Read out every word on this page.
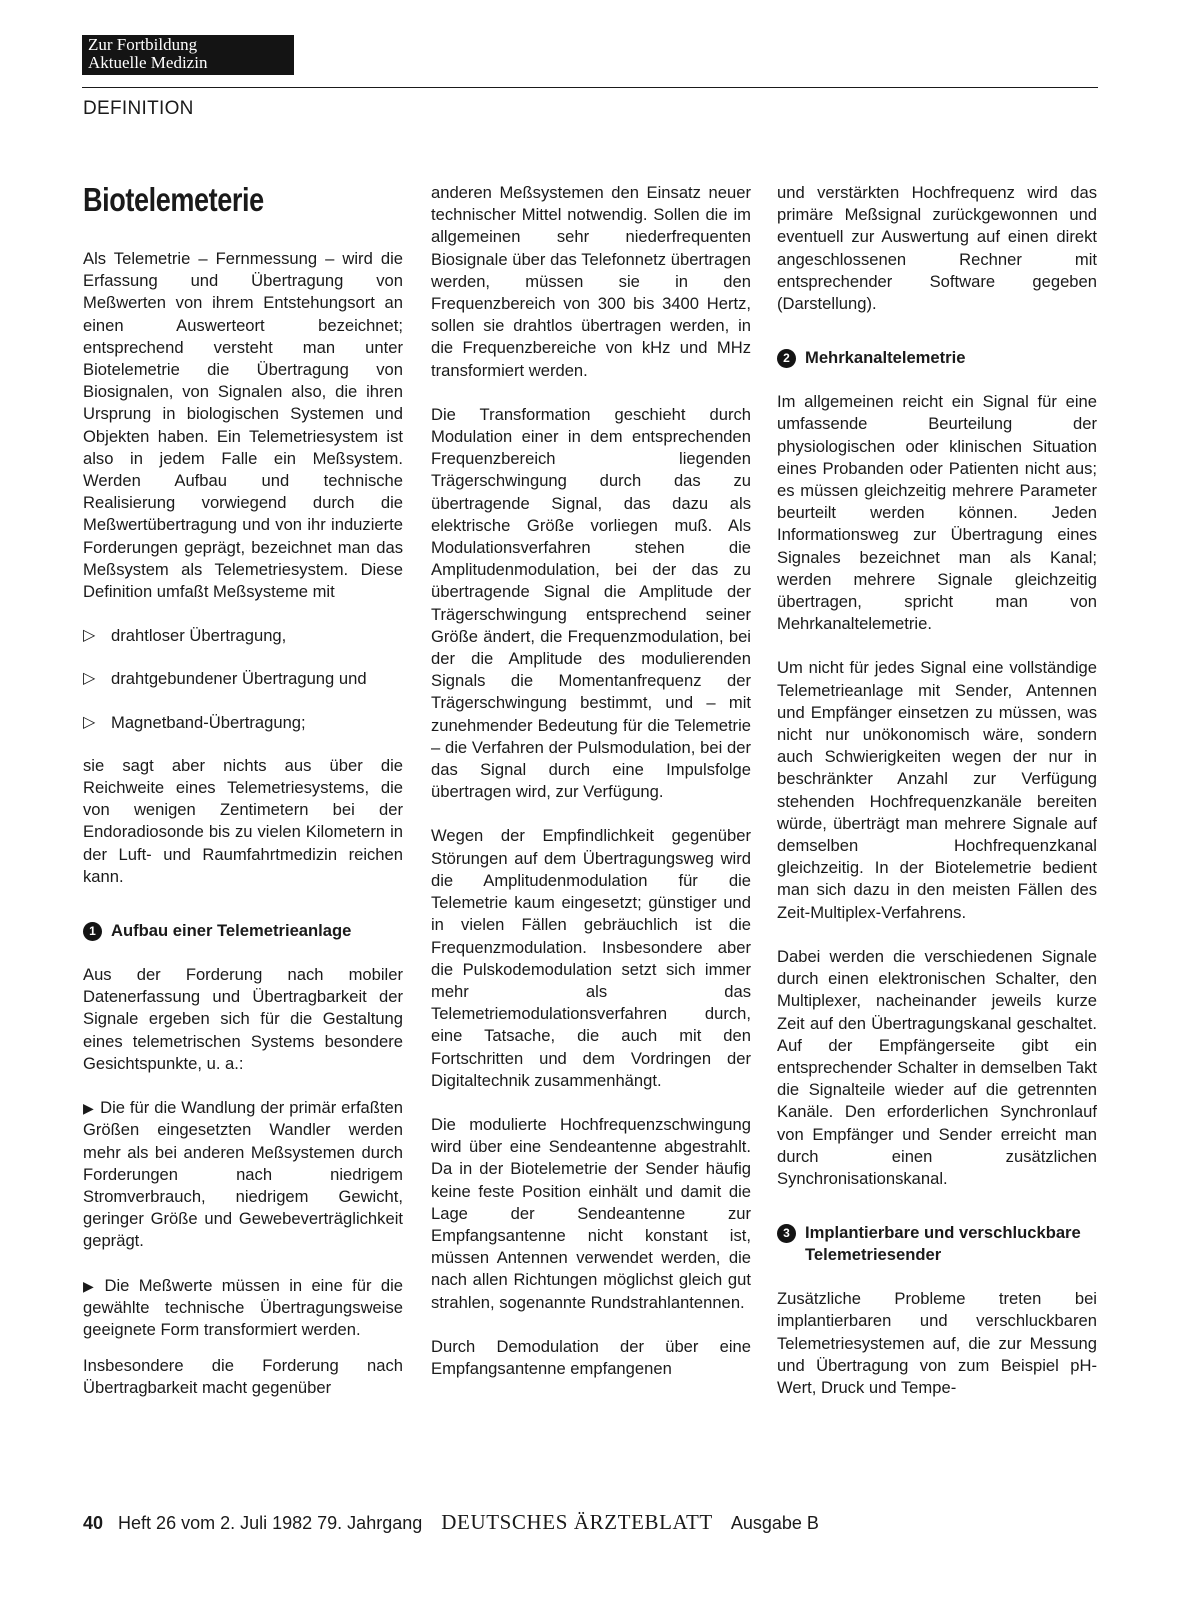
Zur Fortbildung
Aktuelle Medizin
DEFINITION
Biotelemeterie

Als Telemetrie – Fernmessung – wird die Erfassung und Übertragung von Meßwerten von ihrem Entstehungsort an einen Auswerteort bezeichnet; entsprechend versteht man unter Biotelemetrie die Übertragung von Biosignalen, von Signalen also, die ihren Ursprung in biologischen Systemen und Objekten haben. Ein Telemetriesystem ist also in jedem Falle ein Meßsystem. Werden Aufbau und technische Realisierung vorwiegend durch die Meßwertübertragung und von ihr induzierte Forderungen geprägt, bezeichnet man das Meßsystem als Telemetriesystem. Diese Definition umfaßt Meßsysteme mit

▷ drahtloser Übertragung,
▷ drahtgebundener Übertragung und
▷ Magnetband-Übertragung;

sie sagt aber nichts aus über die Reichweite eines Telemetriesystems, die von wenigen Zentimetern bei der Endoradiosonde bis zu vielen Kilometern in der Luft- und Raumfahrtmedizin reichen kann.

1 Aufbau einer Telemetrieanlage

Aus der Forderung nach mobiler Datenerfassung und Übertragbarkeit der Signale ergeben sich für die Gestaltung eines telemetrischen Systems besondere Gesichtspunkte, u. a.:

▶ Die für die Wandlung der primär erfaßten Größen eingesetzten Wandler werden mehr als bei anderen Meßsystemen durch Forderungen nach niedrigem Stromverbrauch, niedrigem Gewicht, geringer Größe und Gewebeverträglichkeit geprägt.

▶ Die Meßwerte müssen in eine für die gewählte technische Übertragungsweise geeignete Form transformiert werden.

Insbesondere die Forderung nach Übertragbarkeit macht gegenüber

anderen Meßsystemen den Einsatz neuer technischer Mittel notwendig. Sollen die im allgemeinen sehr niederfrequenten Biosignale über das Telefonnetz übertragen werden, müssen sie in den Frequenzbereich von 300 bis 3400 Hertz, sollen sie drahtlos übertragen werden, in die Frequenzbereiche von kHz und MHz transformiert werden.

Die Transformation geschieht durch Modulation einer in dem entsprechenden Frequenzbereich liegenden Trägerschwingung durch das zu übertragende Signal, das dazu als elektrische Größe vorliegen muß. Als Modulationsverfahren stehen die Amplitudenmodulation, bei der das zu übertragende Signal die Amplitude der Trägerschwingung entsprechend seiner Größe ändert, die Frequenzmodulation, bei der die Amplitude des modulierenden Signals die Momentanfrequenz der Trägerschwingung bestimmt, und – mit zunehmender Bedeutung für die Telemetrie – die Verfahren der Pulsmodulation, bei der das Signal durch eine Impulsfolge übertragen wird, zur Verfügung.

Wegen der Empfindlichkeit gegenüber Störungen auf dem Übertragungsweg wird die Amplitudenmodulation für die Telemetrie kaum eingesetzt; günstiger und in vielen Fällen gebräuchlich ist die Frequenzmodulation. Insbesondere aber die Pulskodemodulation setzt sich immer mehr als das Telemetriemodulationsverfahren durch, eine Tatsache, die auch mit den Fortschritten und dem Vordringen der Digitaltechnik zusammenhängt.

Die modulierte Hochfrequenzschwingung wird über eine Sendeantenne abgestrahlt. Da in der Biotelemetrie der Sender häufig keine feste Position einhält und damit die Lage der Sendeantenne zur Empfangsantenne nicht konstant ist, müssen Antennen verwendet werden, die nach allen Richtungen möglichst gleich gut strahlen, sogenannte Rundstrahlantennen.

Durch Demodulation der über eine Empfangsantenne empfangenen

und verstärkten Hochfrequenz wird das primäre Meßsignal zurückgewonnen und eventuell zur Auswertung auf einen direkt angeschlossenen Rechner mit entsprechender Software gegeben (Darstellung).

2 Mehrkanaltelemetrie

Im allgemeinen reicht ein Signal für eine umfassende Beurteilung der physiologischen oder klinischen Situation eines Probanden oder Patienten nicht aus; es müssen gleichzeitig mehrere Parameter beurteilt werden können. Jeden Informationsweg zur Übertragung eines Signales bezeichnet man als Kanal; werden mehrere Signale gleichzeitig übertragen, spricht man von Mehrkanaltelemetrie.

Um nicht für jedes Signal eine vollständige Telemetrieanlage mit Sender, Antennen und Empfänger einsetzen zu müssen, was nicht nur unökonomisch wäre, sondern auch Schwierigkeiten wegen der nur in beschränkter Anzahl zur Verfügung stehenden Hochfrequenzkanäle bereiten würde, überträgt man mehrere Signale auf demselben Hochfrequenzkanal gleichzeitig. In der Biotelemetrie bedient man sich dazu in den meisten Fällen des Zeit-Multiplex-Verfahrens.

Dabei werden die verschiedenen Signale durch einen elektronischen Schalter, den Multiplexer, nacheinander jeweils kurze Zeit auf den Übertragungskanal geschaltet. Auf der Empfängerseite gibt ein entsprechender Schalter in demselben Takt die Signalteile wieder auf die getrennten Kanäle. Den erforderlichen Synchronlauf von Empfänger und Sender erreicht man durch einen zusätzlichen Synchronisationskanal.

3 Implantierbare und verschluckbare Telemetriesender

Zusätzliche Probleme treten bei implantierbaren und verschluckbaren Telemetriesystemen auf, die zur Messung und Übertragung von zum Beispiel pH-Wert, Druck und Tempe-

40 Heft 26 vom 2. Juli 1982 79. Jahrgang DEUTSCHES ÄRZTEBLATT Ausgabe B
